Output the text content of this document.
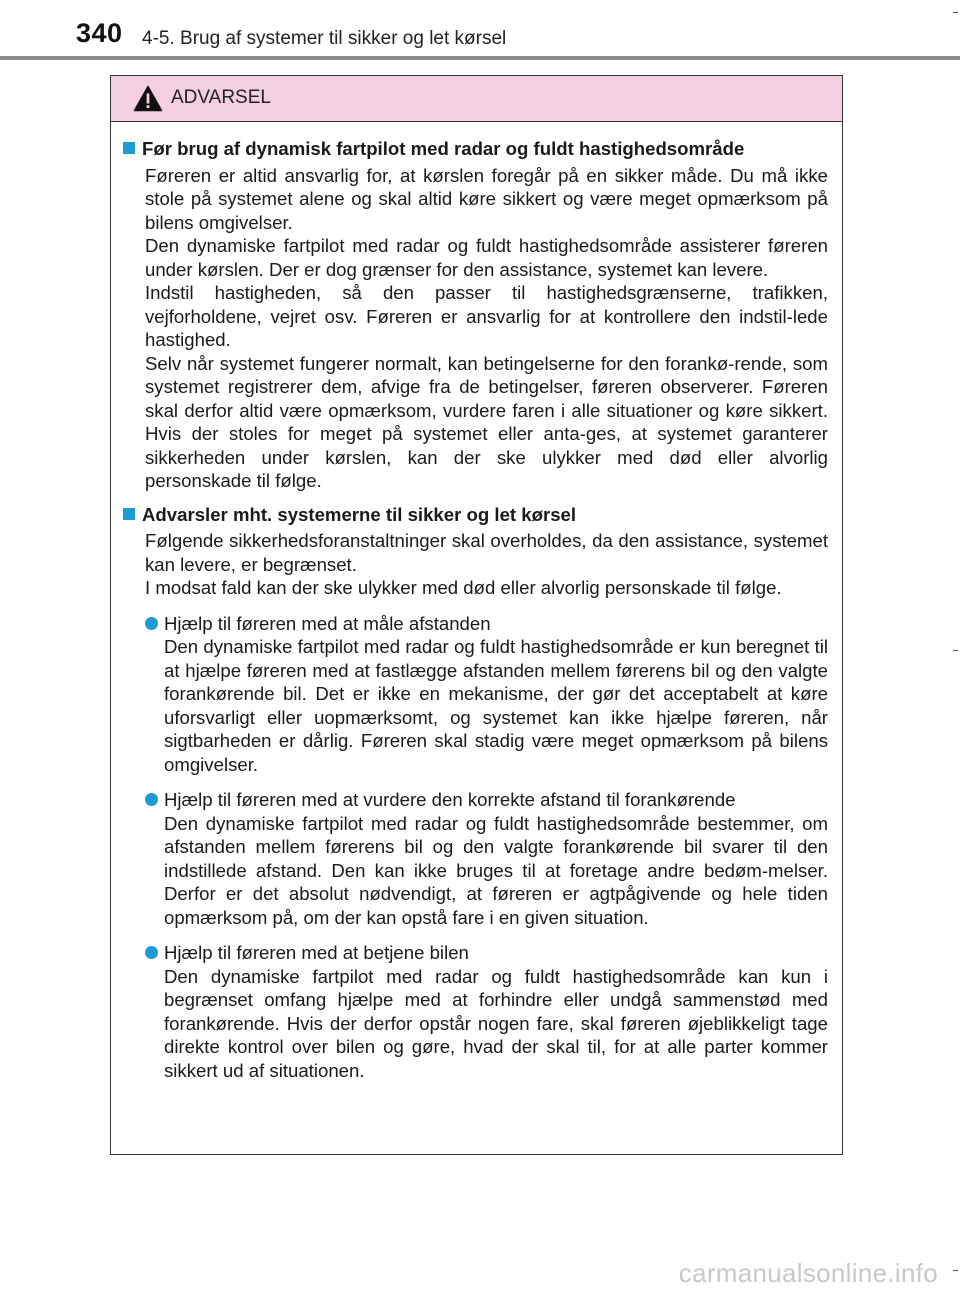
340 4-5. Brug af systemer til sikker og let kørsel
ADVARSEL
Før brug af dynamisk fartpilot med radar og fuldt hastighedsområde

Føreren er altid ansvarlig for, at kørslen foregår på en sikker måde. Du må ikke stole på systemet alene og skal altid køre sikkert og være meget opmærksom på bilens omgivelser.

Den dynamiske fartpilot med radar og fuldt hastighedsområde assisterer føreren under kørslen. Der er dog grænser for den assistance, systemet kan levere.

Indstil hastigheden, så den passer til hastighedsgrænserne, trafikken, vejforholdene, vejret osv. Føreren er ansvarlig for at kontrollere den indstil-lede hastighed.

Selv når systemet fungerer normalt, kan betingelserne for den forankø-rende, som systemet registrerer dem, afvige fra de betingelser, føreren observerer. Føreren skal derfor altid være opmærksom, vurdere faren i alle situationer og køre sikkert. Hvis der stoles for meget på systemet eller anta-ges, at systemet garanterer sikkerheden under kørslen, kan der ske ulykker med død eller alvorlig personskade til følge.

Advarsler mht. systemerne til sikker og let kørsel

Følgende sikkerhedsforanstaltninger skal overholdes, da den assistance, systemet kan levere, er begrænset.

I modsat fald kan der ske ulykker med død eller alvorlig personskade til følge.

Hjælp til føreren med at måle afstanden
Den dynamiske fartpilot med radar og fuldt hastighedsområde er kun beregnet til at hjælpe føreren med at fastlægge afstanden mellem førerens bil og den valgte forankørende bil. Det er ikke en mekanisme, der gør det acceptabelt at køre uforsvarligt eller uopmærksomt, og systemet kan ikke hjælpe føreren, når sigtbarheden er dårlig. Føreren skal stadig være meget opmærksom på bilens omgivelser.
Hjælp til føreren med at vurdere den korrekte afstand til forankørende
Den dynamiske fartpilot med radar og fuldt hastighedsområde bestemmer, om afstanden mellem førerens bil og den valgte forankørende bil svarer til den indstillede afstand. Den kan ikke bruges til at foretage andre bedøm-melser. Derfor er det absolut nødvendigt, at føreren er agtpågivende og hele tiden opmærksom på, om der kan opstå fare i en given situation.
Hjælp til føreren med at betjene bilen
Den dynamiske fartpilot med radar og fuldt hastighedsområde kan kun i begrænset omfang hjælpe med at forhindre eller undgå sammenstød med forankørende. Hvis der derfor opstår nogen fare, skal føreren øjeblikkeligt tage direkte kontrol over bilen og gøre, hvad der skal til, for at alle parter kommer sikkert ud af situationen.
carmanualsonline.info
